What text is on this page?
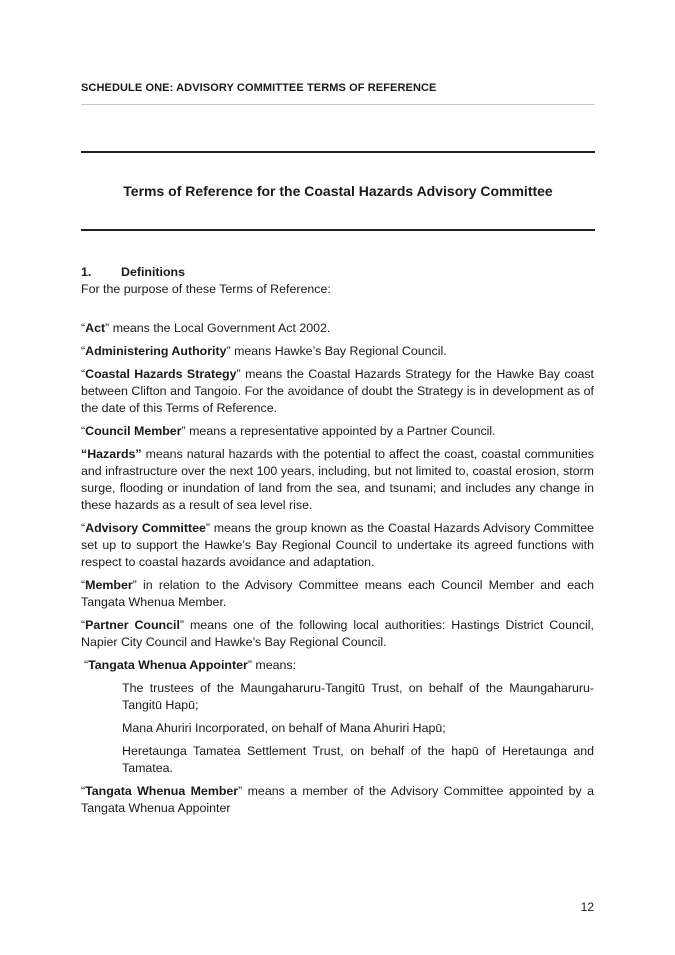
SCHEDULE ONE: ADVISORY COMMITTEE TERMS OF REFERENCE
Terms of Reference for the Coastal Hazards Advisory Committee

1. Definitions

For the purpose of these Terms of Reference:

“Act” means the Local Government Act 2002.

“Administering Authority” means Hawke’s Bay Regional Council.

“Coastal Hazards Strategy” means the Coastal Hazards Strategy for the Hawke Bay coast between Clifton and Tangoio. For the avoidance of doubt the Strategy is in development as of the date of this Terms of Reference.

“Council Member” means a representative appointed by a Partner Council.

“Hazards” means natural hazards with the potential to affect the coast, coastal communities and infrastructure over the next 100 years, including, but not limited to, coastal erosion, storm surge, flooding or inundation of land from the sea, and tsunami; and includes any change in these hazards as a result of sea level rise.

“Advisory Committee” means the group known as the Coastal Hazards Advisory Committee set up to support the Hawke’s Bay Regional Council to undertake its agreed functions with respect to coastal hazards avoidance and adaptation.

“Member” in relation to the Advisory Committee means each Council Member and each Tangata Whenua Member.

“Partner Council” means one of the following local authorities: Hastings District Council, Napier City Council and Hawke’s Bay Regional Council.

“Tangata Whenua Appointer” means:

The trustees of the Maungaharuru-Tangitū Trust, on behalf of the Maungaharuru-Tangitū Hapū;

Mana Ahuriri Incorporated, on behalf of Mana Ahuriri Hapū;

Heretaunga Tamatea Settlement Trust, on behalf of the hapū of Heretaunga and Tamatea.

“Tangata Whenua Member” means a member of the Advisory Committee appointed by a Tangata Whenua Appointer

12
